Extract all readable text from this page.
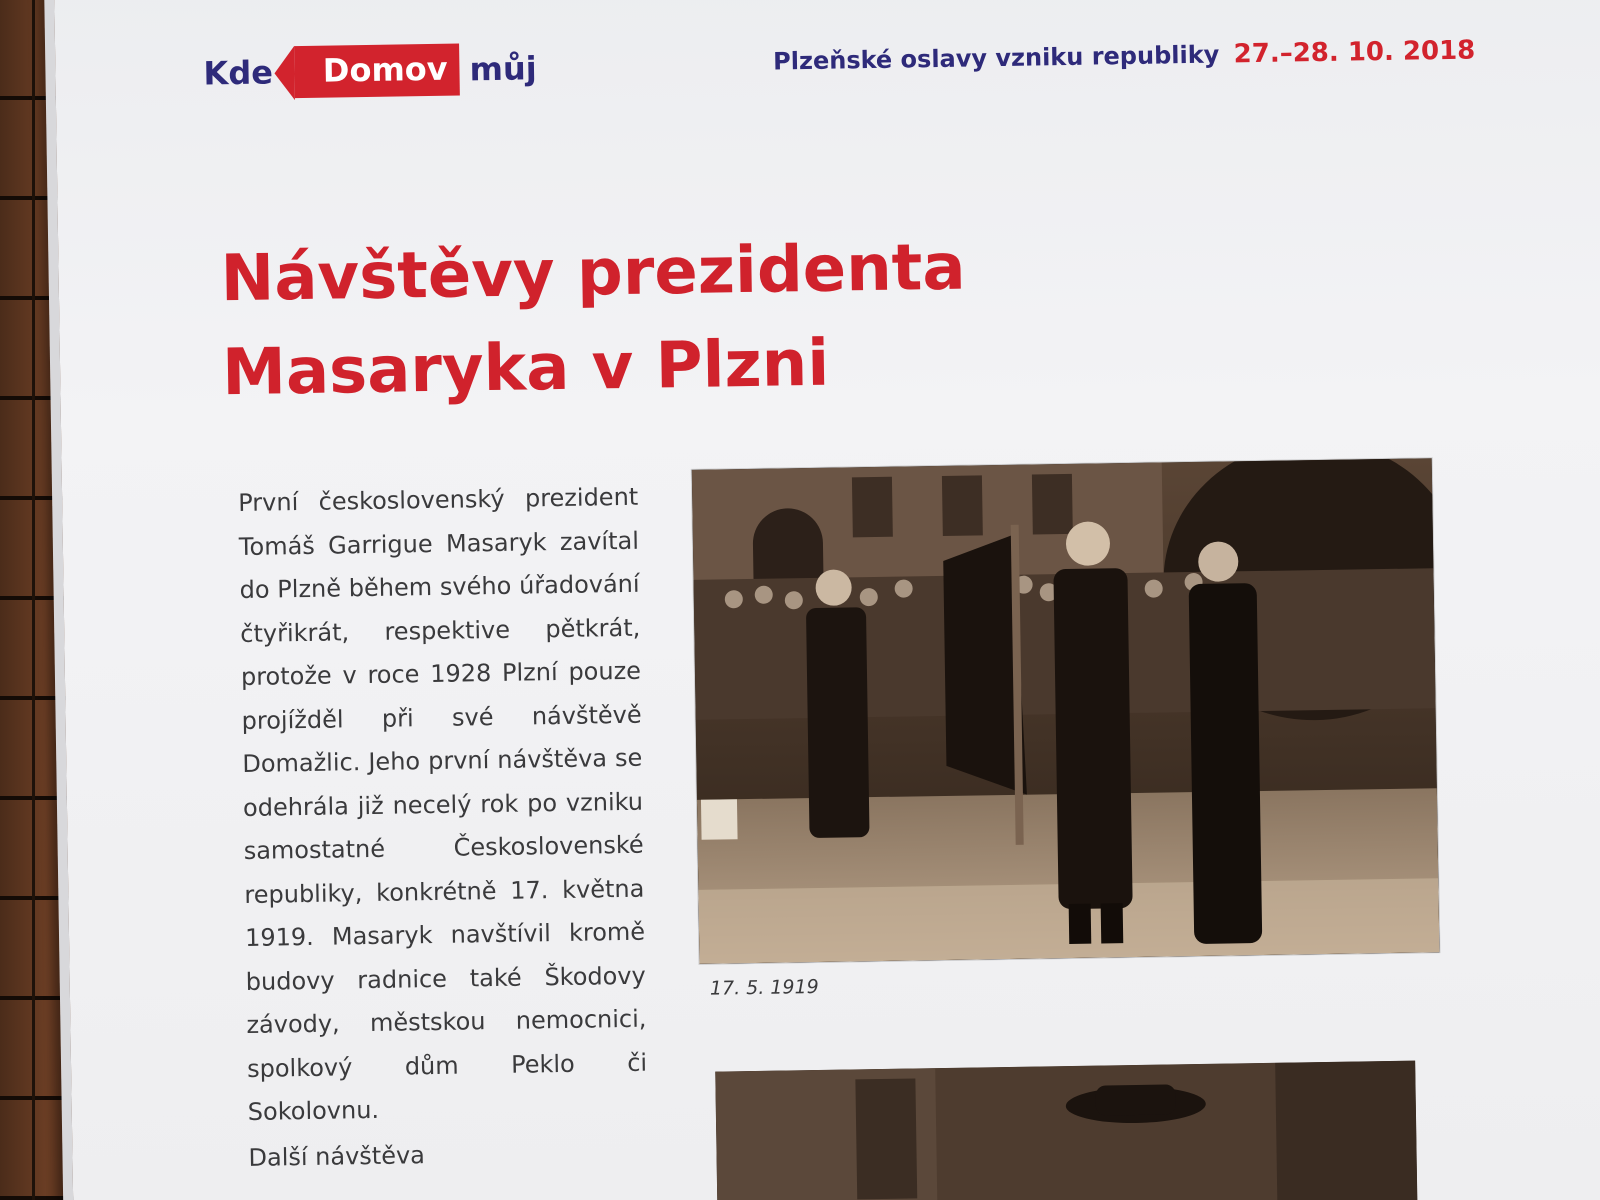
Kde	Domov můj	Plzeňské oslavy vzniku republiky 27.–28. 10. 2018
Návštěvy prezidenta
Masaryka v Plzni

První československý prezident Tomáš Garrigue Masaryk zavítal do Plzně během svého úřadování čtyřikrát, respektive pětkrát, protože v roce 1928 Plzní pouze projížděl při své návštěvě Domažlic. Jeho první návštěva se odehrála již necelý rok po vzniku samostatné Československé republiky, konkrétně 17. května 1919. Masaryk navštívil kromě budovy radnice také Škodovy závody, městskou nemocnici, spolkový dům Peklo či Sokolovnu.

Další návštěva

17. 5. 1919
